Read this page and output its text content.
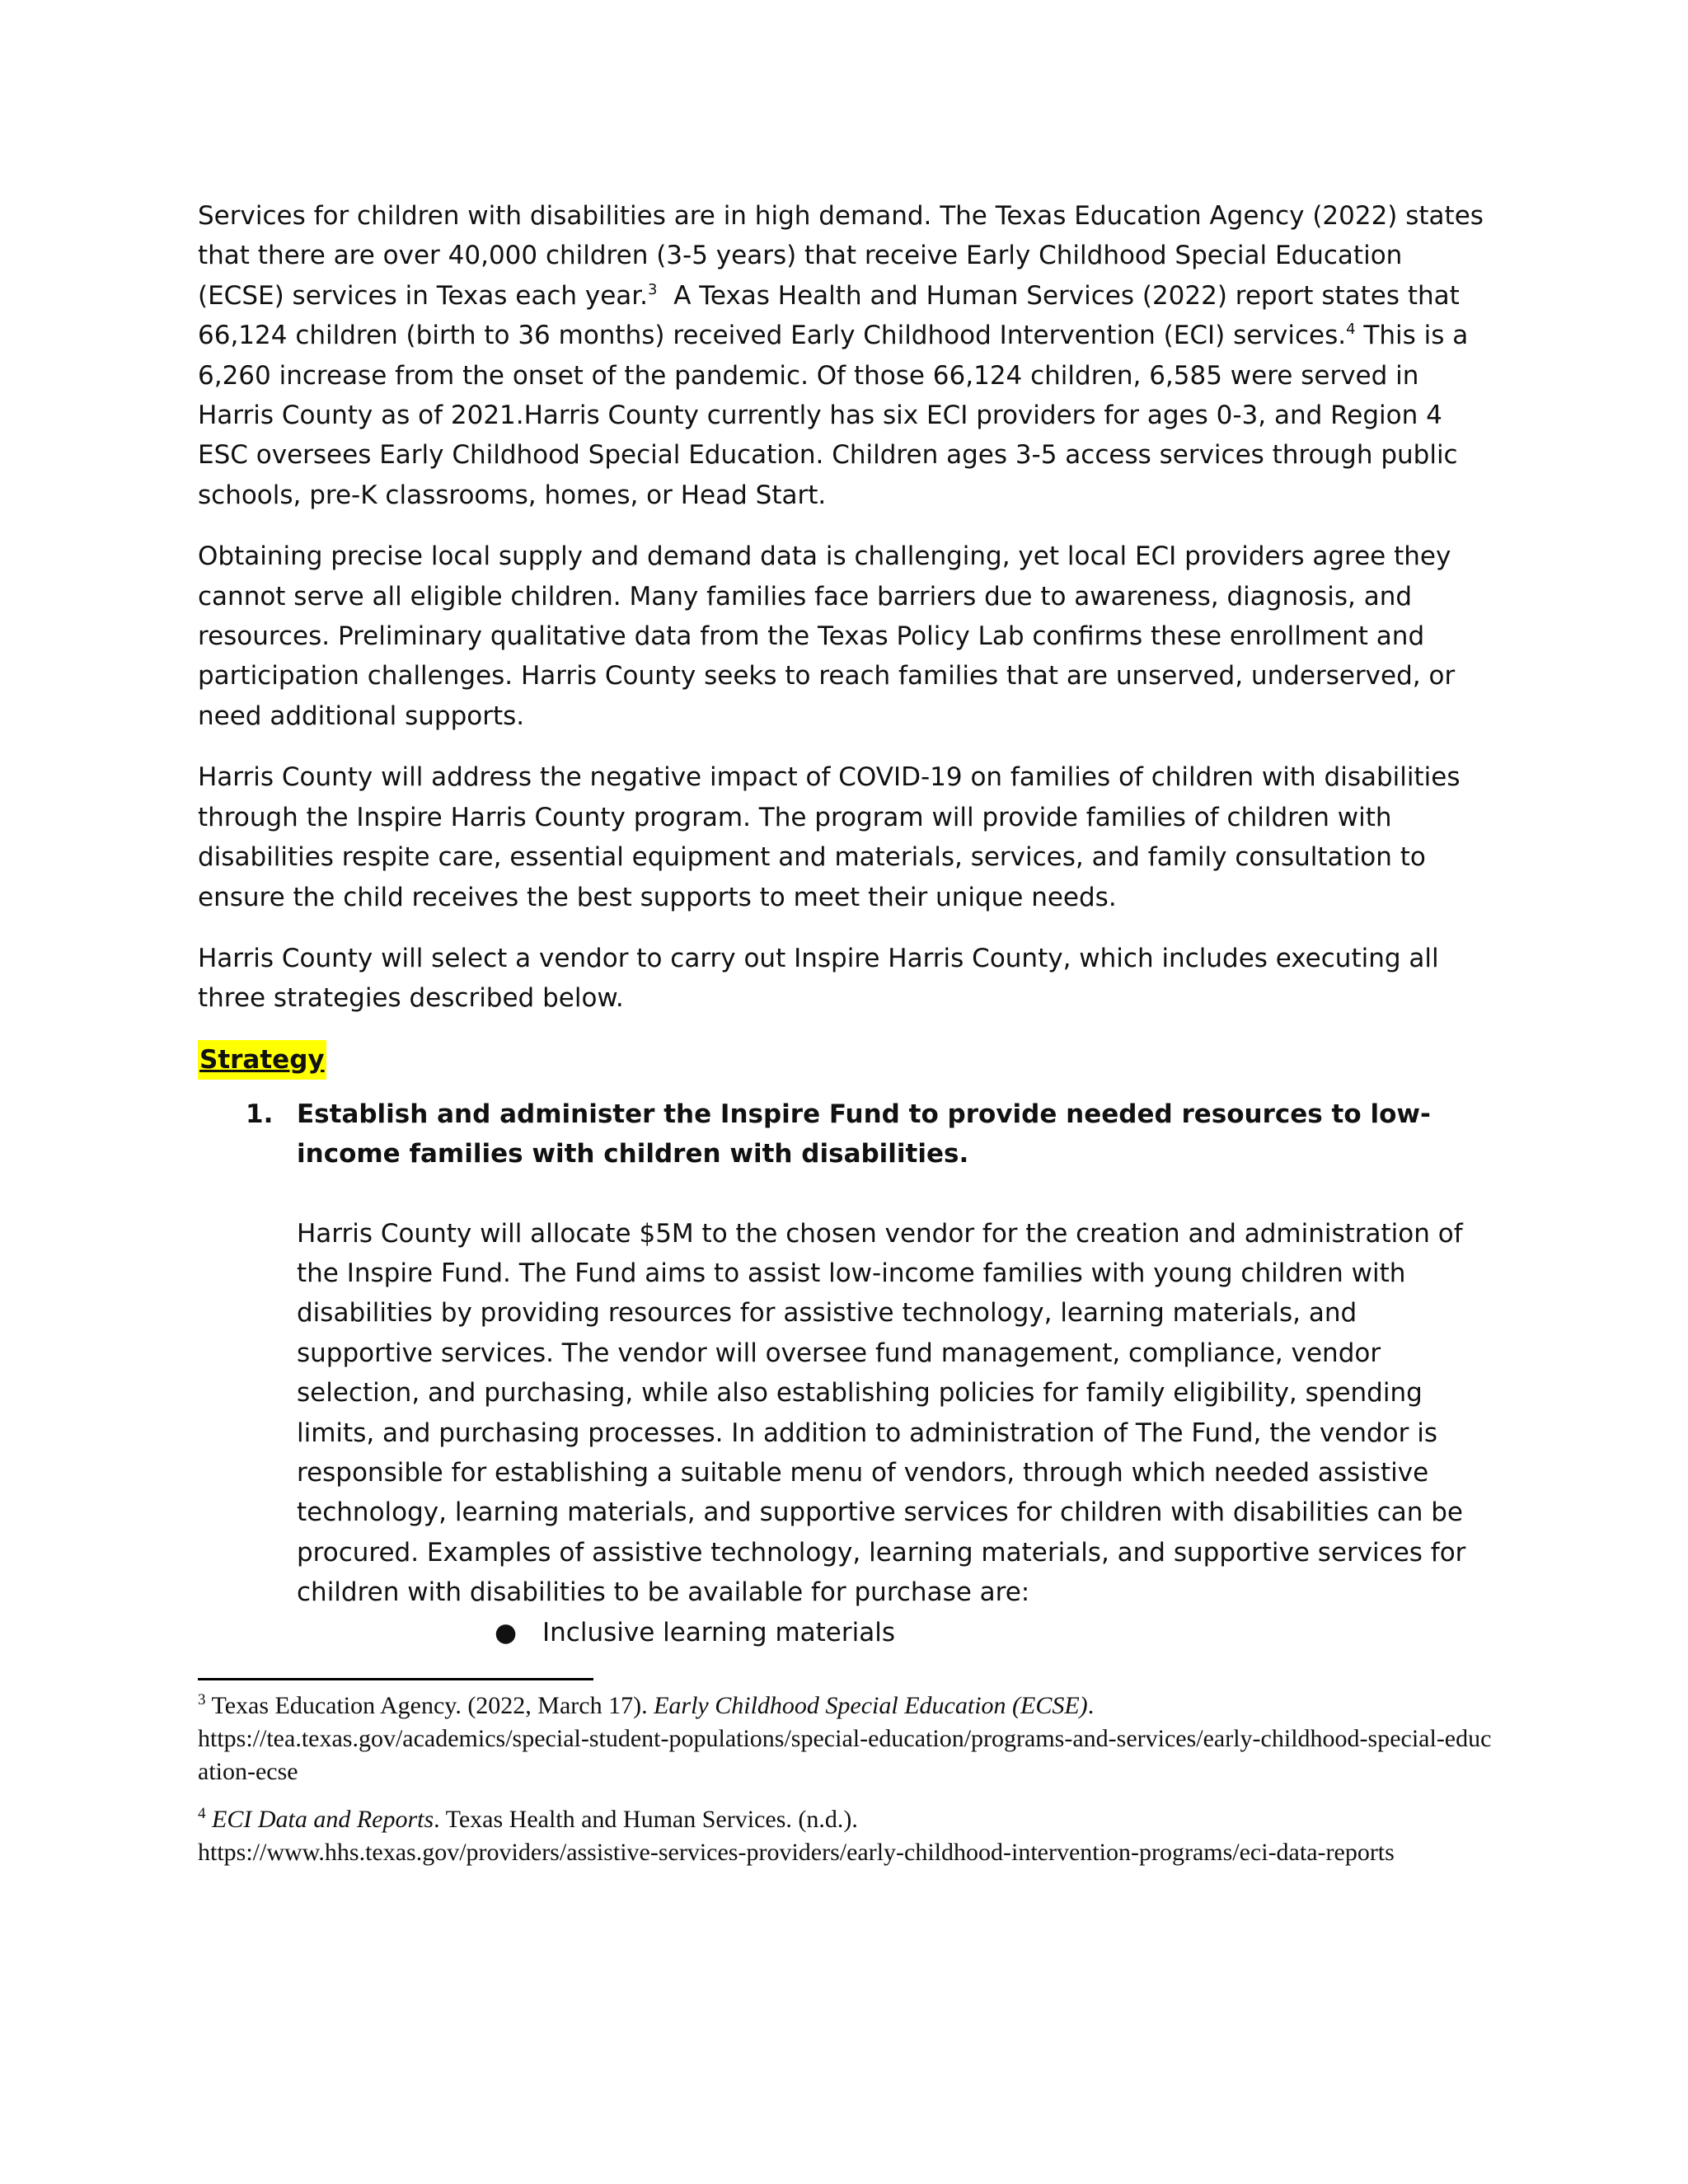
Services for children with disabilities are in high demand. The Texas Education Agency (2022) states that there are over 40,000 children (3-5 years) that receive Early Childhood Special Education (ECSE) services in Texas each year.$^3$  A Texas Health and Human Services (2022) report states that  66,124 children (birth to 36 months) received Early Childhood Intervention (ECI) services.$^4$ This is a 6,260 increase from the onset of the pandemic. Of those 66,124 children, 6,585 were served in Harris County as of 2021.Harris County currently has six ECI providers for ages 0-3, and Region 4 ESC oversees Early Childhood Special Education. Children ages 3-5 access services through public schools, pre-K classrooms, homes, or Head Start.

Obtaining precise local supply and demand data is challenging, yet local ECI providers agree they cannot serve all eligible children. Many families face barriers due to awareness, diagnosis, and resources. Preliminary qualitative data from the Texas Policy Lab confirms these enrollment and participation challenges. Harris County seeks to reach families that are unserved, underserved, or need additional supports.

Harris County will address the negative impact of COVID-19 on families of children with disabilities through the Inspire Harris County program. The program will provide families of children with disabilities respite care, essential equipment and materials, services, and family consultation to ensure the child receives the best supports to meet their unique needs.

Harris County will select a vendor to carry out Inspire Harris County, which includes executing all three strategies described below.

Strategy
1. Establish and administer the Inspire Fund to provide needed resources to low-income families with children with disabilities.

Harris County will allocate $5M to the chosen vendor for the creation and administration of the Inspire Fund. The Fund aims to assist low-income families with young children with disabilities by providing resources for assistive technology, learning materials, and supportive services. The vendor will oversee fund management, compliance, vendor selection, and purchasing, while also establishing policies for family eligibility, spending limits, and purchasing processes. In addition to administration of The Fund, the vendor is responsible for establishing a suitable menu of vendors, through which needed assistive technology, learning materials, and supportive services for children with disabilities can be procured. Examples of assistive technology, learning materials, and supportive services for children with disabilities to be available for purchase are:

● Inclusive learning materials

$^3$ Texas Education Agency. (2022, March 17). Early Childhood Special Education (ECSE).
https://tea.texas.gov/academics/special-student-populations/special-education/programs-and-services/early-childhood-special-education-ecse

$^4$ ECI Data and Reports. Texas Health and Human Services. (n.d.).
https://www.hhs.texas.gov/providers/assistive-services-providers/early-childhood-intervention-programs/eci-data-reports
